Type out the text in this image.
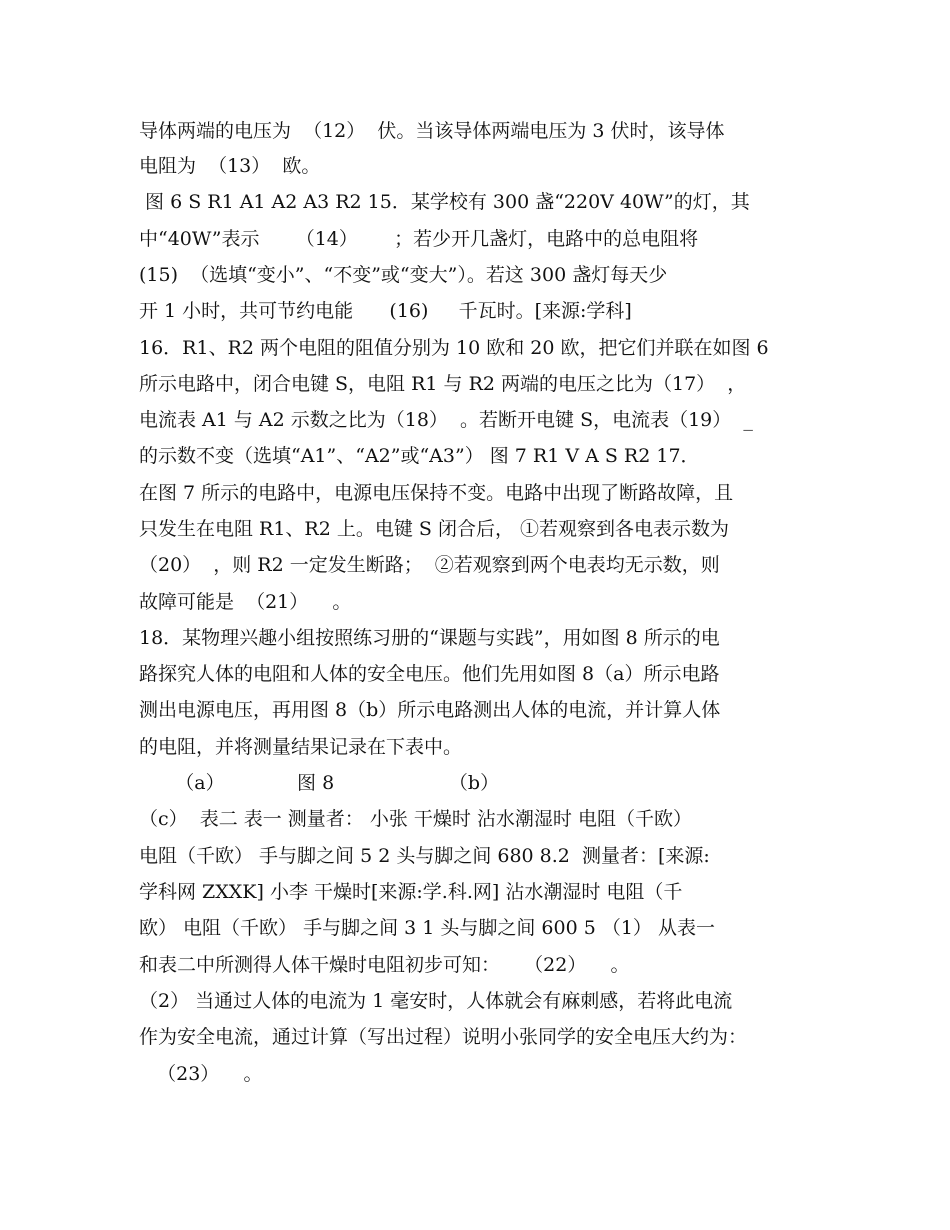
导体两端的电压为  （12）  伏。当该导体两端电压为 3 伏时，该导体
电阻为  （13）  欧。
图 6 S R1 A1 A2 A3 R2 15．某学校有 300 盏“220V 40W”的灯，其
中“40W”表示      （14）      ；若少开几盏灯，电路中的总电阻将
(15)  （选填“变小”、“不变”或“变大”）。若这 300 盏灯每天少
开 1 小时，共可节约电能      (16)     千瓦时。[来源:学科]
16．R1、R2 两个电阻的阻值分别为 10 欧和 20 欧，把它们并联在如图 6
所示电路中，闭合电键 S，电阻 R1 与 R2 两端的电压之比为（17）  ，
电流表 A1 与 A2 示数之比为（18）  。若断开电键 S，电流表（19）  _
的示数不变（选填“A1”、“A2”或“A3”） 图 7 R1 V A S R2 17．
在图 7 所示的电路中，电源电压保持不变。电路中出现了断路故障，且
只发生在电阻 R1、R2 上。电键 S 闭合后， ①若观察到各电表示数为
（20）  ，则 R2 一定发生断路；  ②若观察到两个电表均无示数，则
故障可能是  （21）    。
18．某物理兴趣小组按照练习册的“课题与实践”，用如图 8 所示的电
路探究人体的电阻和人体的安全电压。他们先用如图 8（a）所示电路
测出电源电压，再用图 8（b）所示电路测出人体的电流，并计算人体
的电阻，并将测量结果记录在下表中。
（a）            图 8                   （b）
（c）  表二 表一 测量者： 小张 干燥时 沾水潮湿时 电阻（千欧）
电阻（千欧） 手与脚之间 5 2 头与脚之间 680 8.2  测量者：[来源:
学科网 ZXXK] 小李 干燥时[来源:学.科.网] 沾水潮湿时 电阻（千
欧） 电阻（千欧） 手与脚之间 3 1 头与脚之间 600 5 （1） 从表一
和表二中所测得人体干燥时电阻初步可知：    （22）    。
（2） 当通过人体的电流为 1 毫安时，人体就会有麻刺感，若将此电流
作为安全电流，通过计算（写出过程）说明小张同学的安全电压大约为：
（23）    。
